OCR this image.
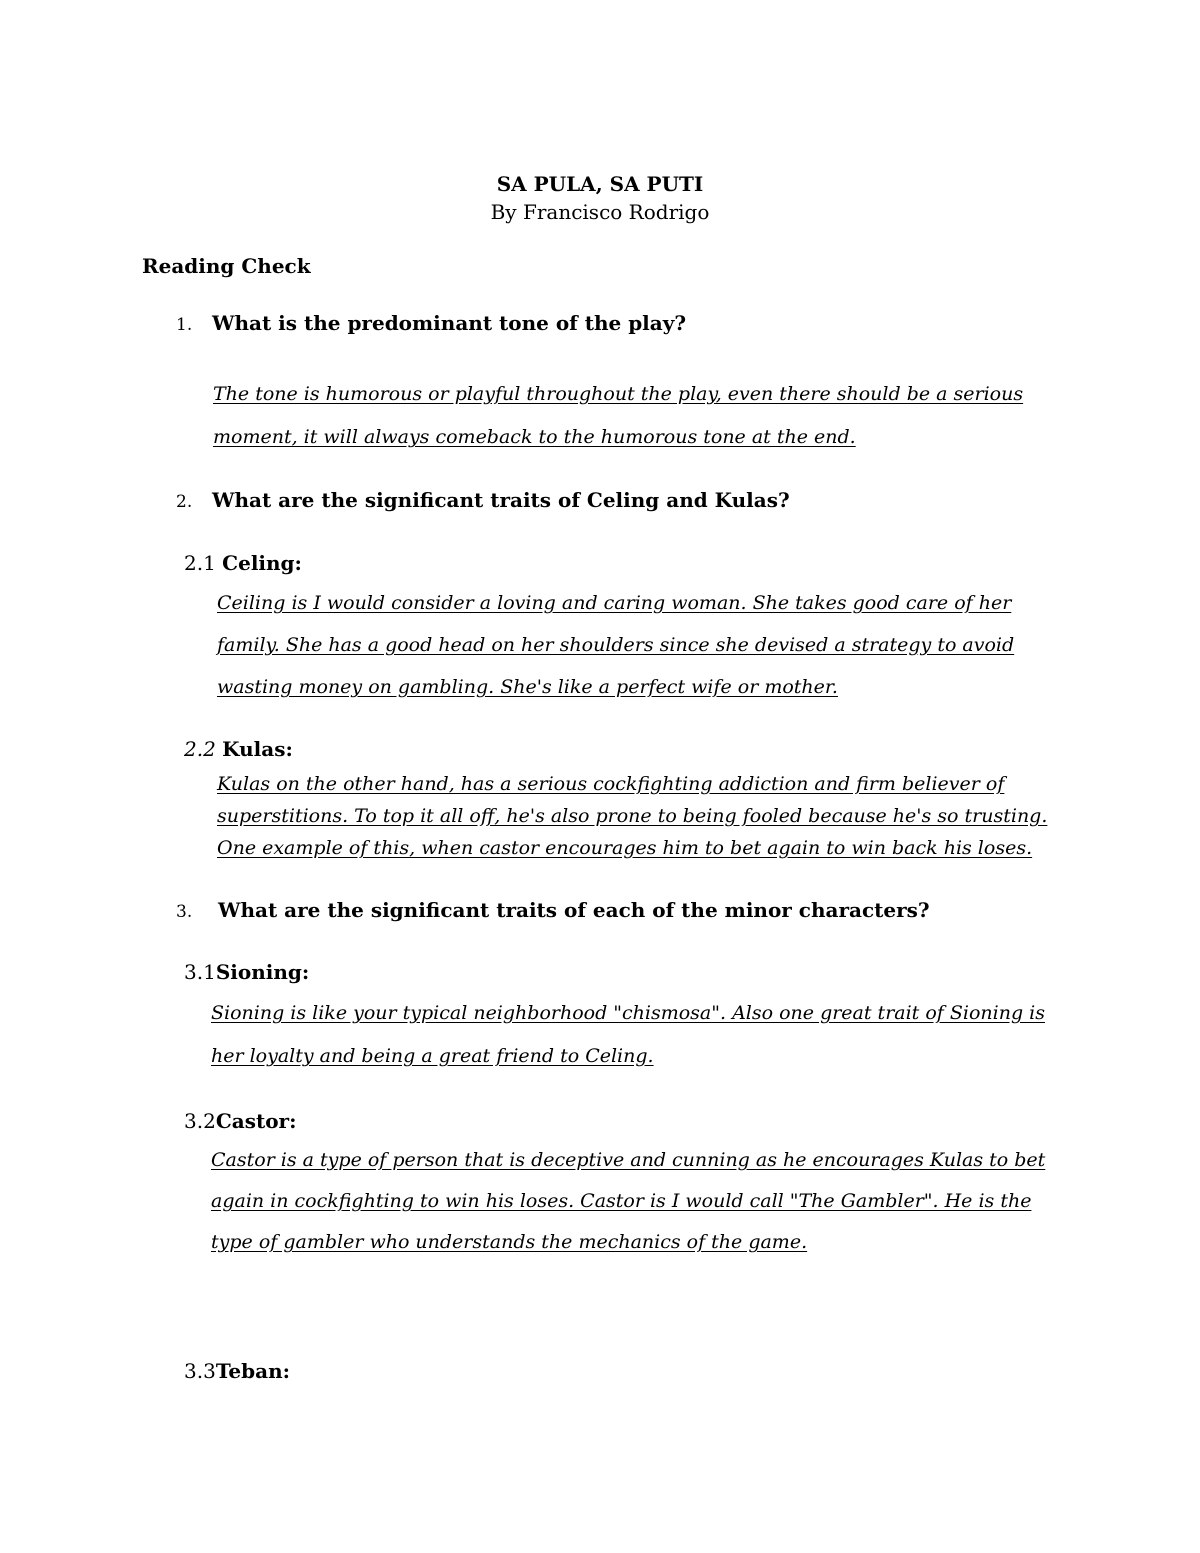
SA PULA, SA PUTI
By Francisco Rodrigo
Reading Check
1. What is the predominant tone of the play?
The tone is humorous or playful throughout the play, even there should be a serious
moment, it will always comeback to the humorous tone at the end.
2. What are the significant traits of Celing and Kulas?
2.1 Celing:
Ceiling is I would consider a loving and caring woman. She takes good care of her
family. She has a good head on her shoulders since she devised a strategy to avoid
wasting money on gambling. She's like a perfect wife or mother.
2.2 Kulas:
Kulas on the other hand, has a serious cockfighting addiction and firm believer of
superstitions. To top it all off, he's also prone to being fooled because he's so trusting.
One example of this, when castor encourages him to bet again to win back his loses.
3. What are the significant traits of each of the minor characters?
3.1Sioning:
Sioning is like your typical neighborhood "chismosa". Also one great trait of Sioning is
her loyalty and being a great friend to Celing.
3.2Castor:
Castor is a type of person that is deceptive and cunning as he encourages Kulas to bet
again in cockfighting to win his loses. Castor is I would call "The Gambler". He is the
type of gambler who understands the mechanics of the game.
3.3Teban:
